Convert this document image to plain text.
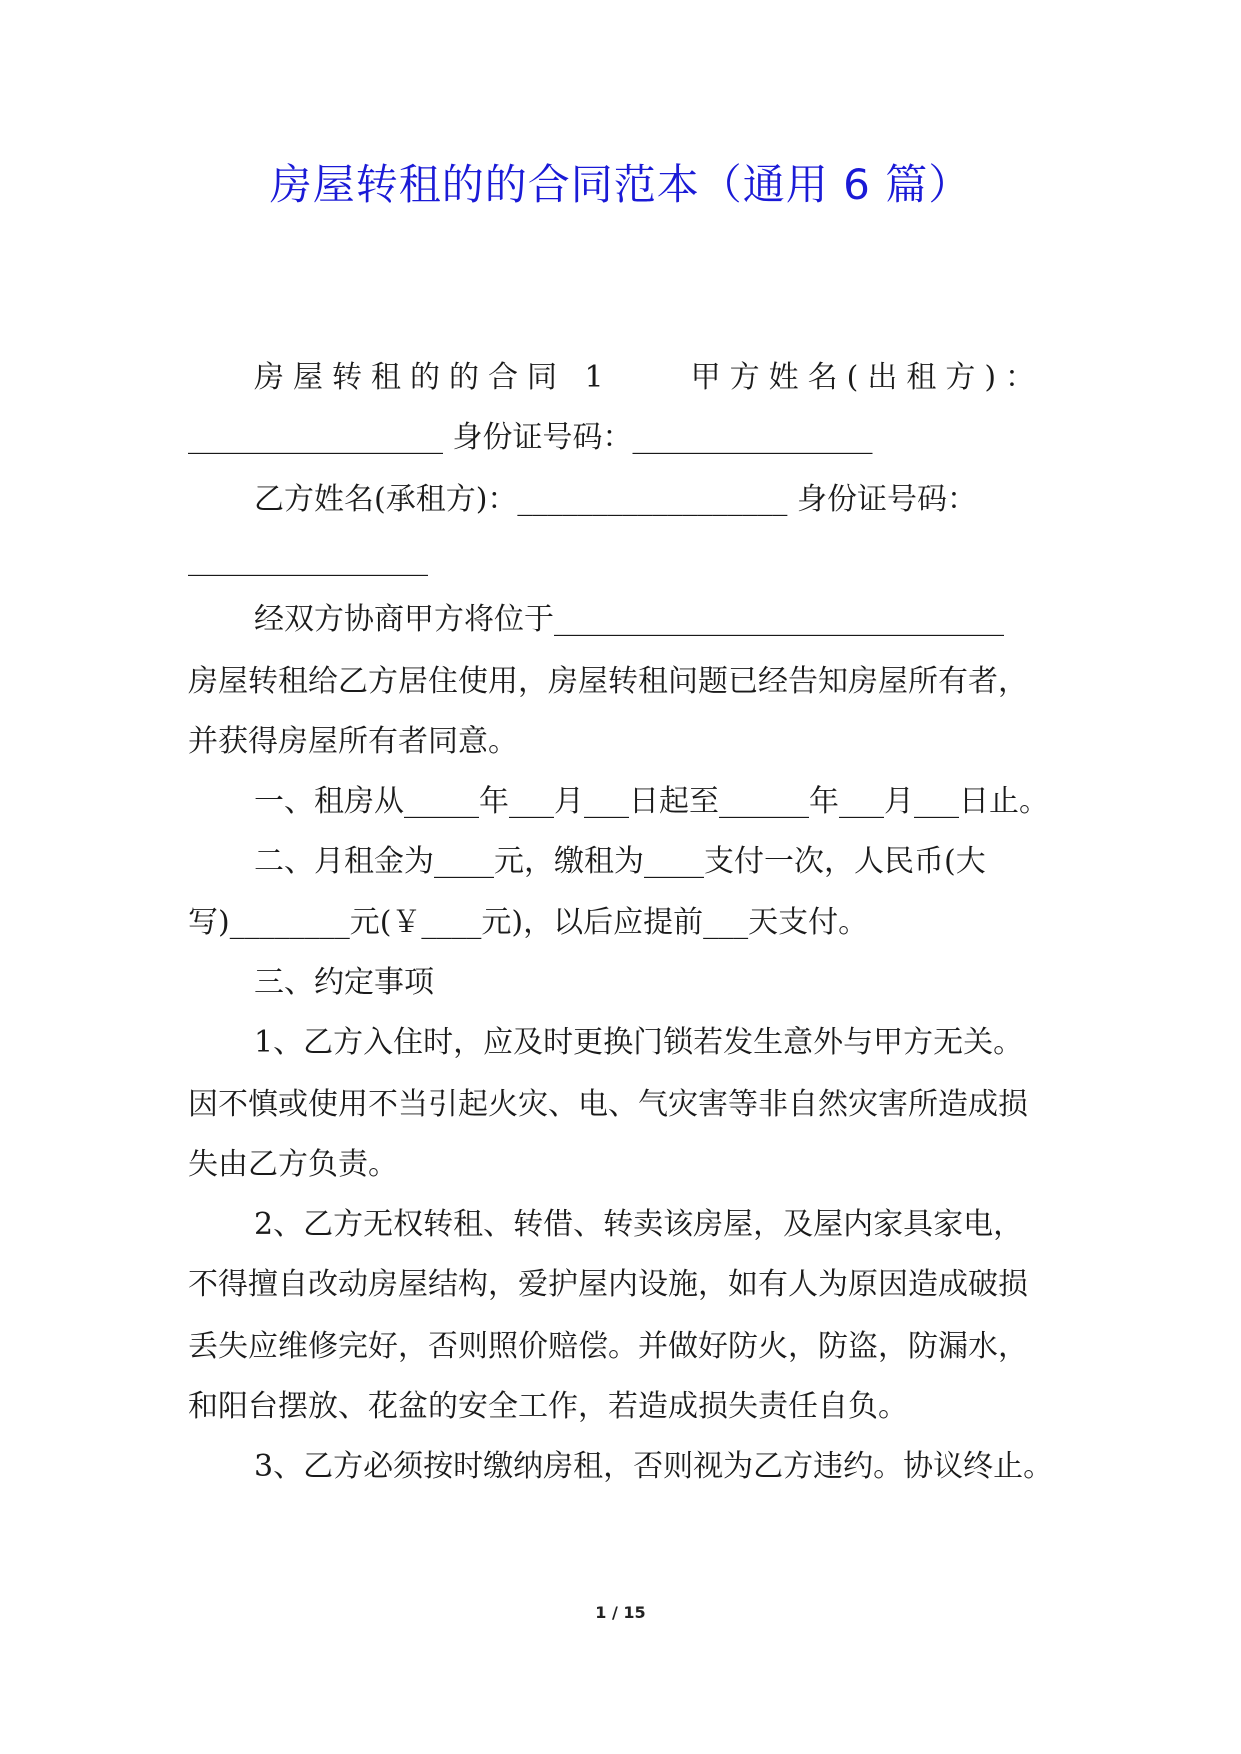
房屋转租的的合同范本（通用 6 篇）
房屋转租的的合同 1　　甲方姓名(出租方)：
_________________ 身份证号码：________________
乙方姓名(承租方)：__________________ 身份证号码：
________________
经双方协商甲方将位于______________________________
房屋转租给乙方居住使用，房屋转租问题已经告知房屋所有者，
并获得房屋所有者同意。
一、租房从_____年___月___日起至______年___月___日止。
二、月租金为____元，缴租为____支付一次，人民币(大
写)________元(￥____元)，以后应提前___天支付。
三、约定事项
1、乙方入住时，应及时更换门锁若发生意外与甲方无关。
因不慎或使用不当引起火灾、电、气灾害等非自然灾害所造成损
失由乙方负责。
2、乙方无权转租、转借、转卖该房屋，及屋内家具家电，
不得擅自改动房屋结构，爱护屋内设施，如有人为原因造成破损
丢失应维修完好，否则照价赔偿。并做好防火，防盗，防漏水，
和阳台摆放、花盆的安全工作，若造成损失责任自负。
3、乙方必须按时缴纳房租，否则视为乙方违约。协议终止。
1 / 15
